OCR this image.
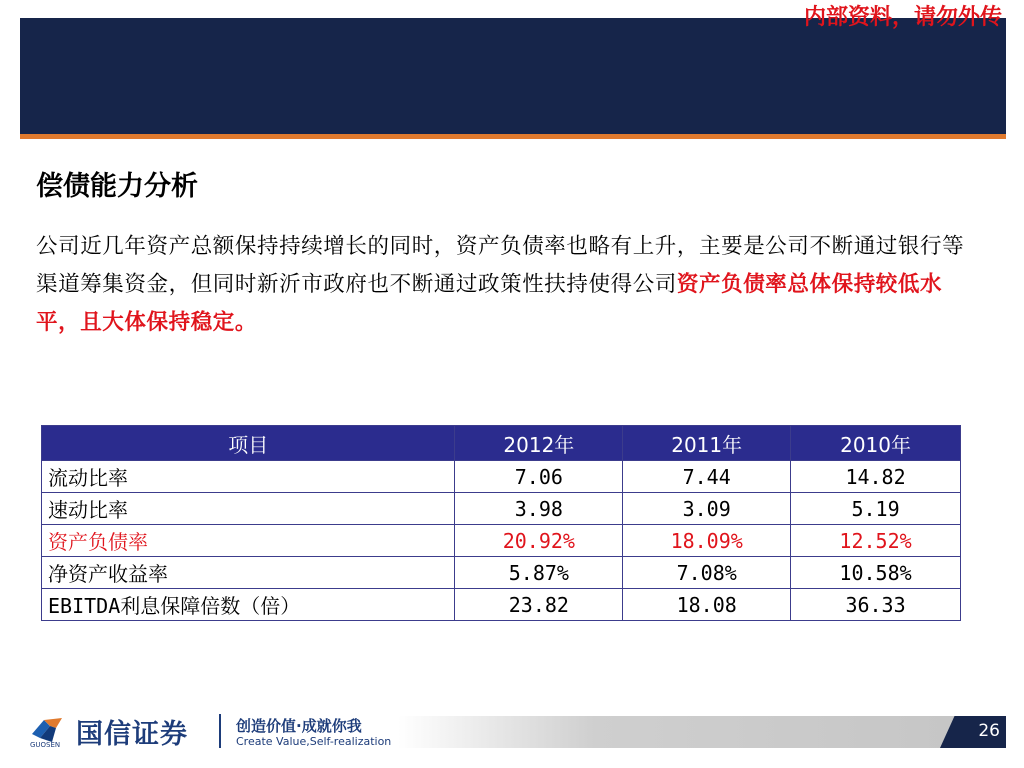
内部资料，请勿外传
偿债能力分析
公司近几年资产总额保持持续增长的同时，资产负债率也略有上升，主要是公司不断通过银行等渠道筹集资金，但同时新沂市政府也不断通过政策性扶持使得公司资产负债率总体保持较低水平，且大体保持稳定。
项目	2012年	2011年	2010年
流动比率	7.06	7.44	14.82
速动比率	3.98	3.09	5.19
资产负债率	20.92%	18.09%	12.52%
净资产收益率	5.87%	7.08%	10.58%
EBITDA利息保障倍数（倍）	23.82	18.08	36.33
GUOSEN 国信证券	创造价值·成就你我
Create Value,Self-realization
26
